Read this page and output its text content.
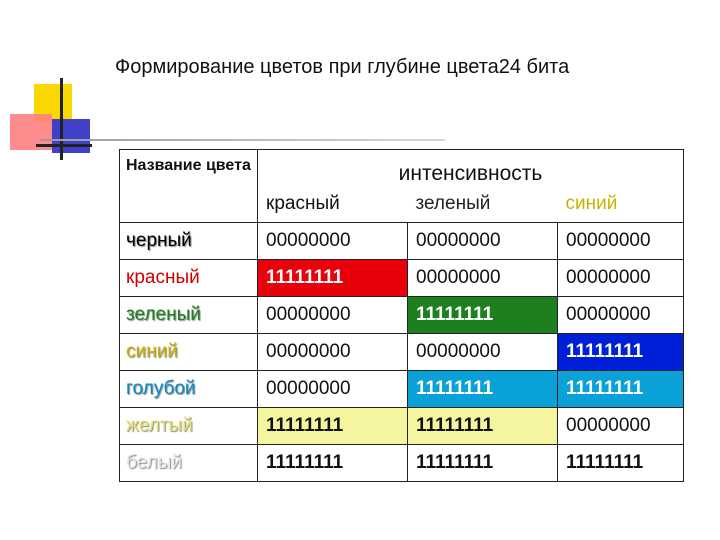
Формирование цветов при глубине цвета24 бита
Название цвета	интенсивность		
	красный	зеленый	синий
черный	00000000	00000000	00000000
красный	11111111	00000000	00000000
зеленый	00000000	11111111	00000000
синий	00000000	00000000	11111111
голубой	00000000	11111111	11111111
желтый	11111111	11111111	00000000
белый	11111111	11111111	11111111
